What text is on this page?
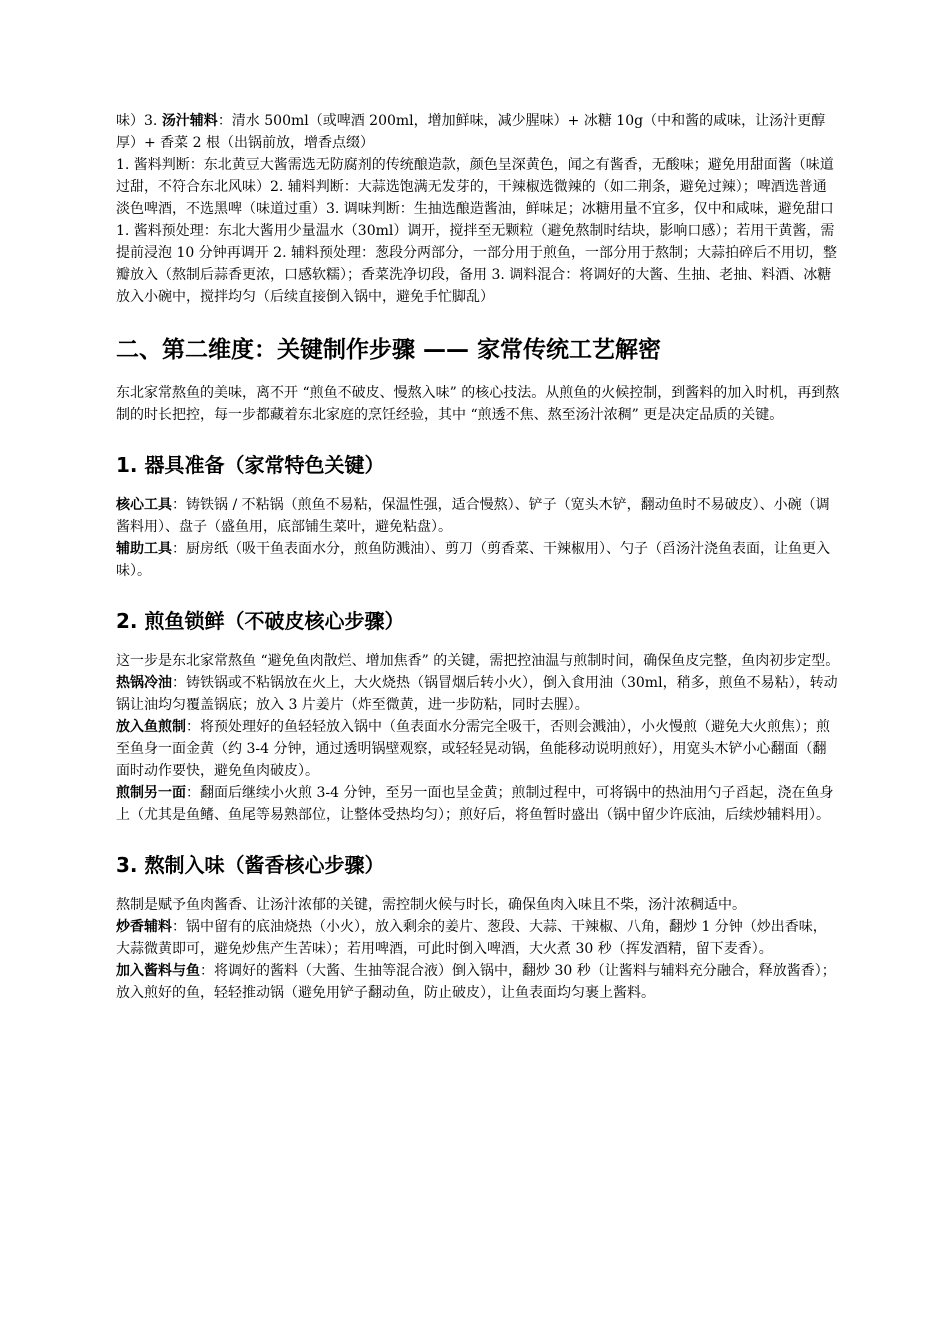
味）3. 汤汁辅料：清水 500ml（或啤酒 200ml，增加鲜味，减少腥味）+ 冰糖 10g（中和酱的咸味，让汤汁更醇厚）+ 香菜 2 根（出锅前放，增香点缀）

1. 酱料判断：东北黄豆大酱需选无防腐剂的传统酿造款，颜色呈深黄色，闻之有酱香，无酸味；避免用甜面酱（味道过甜，不符合东北风味）2. 辅料判断：大蒜选饱满无发芽的，干辣椒选微辣的（如二荆条，避免过辣）；啤酒选普通淡色啤酒，不选黑啤（味道过重）3. 调味判断：生抽选酿造酱油，鲜味足；冰糖用量不宜多，仅中和咸味，避免甜口

1. 酱料预处理：东北大酱用少量温水（30ml）调开，搅拌至无颗粒（避免熬制时结块，影响口感）；若用干黄酱，需提前浸泡 10 分钟再调开 2. 辅料预处理：葱段分两部分，一部分用于煎鱼，一部分用于熬制；大蒜拍碎后不用切，整瓣放入（熬制后蒜香更浓，口感软糯）；香菜洗净切段，备用 3. 调料混合：将调好的大酱、生抽、老抽、料酒、冰糖放入小碗中，搅拌均匀（后续直接倒入锅中，避免手忙脚乱）

二、第二维度：关键制作步骤 —— 家常传统工艺解密

东北家常熬鱼的美味，离不开 “煎鱼不破皮、慢熬入味” 的核心技法。从煎鱼的火候控制，到酱料的加入时机，再到熬制的时长把控，每一步都藏着东北家庭的烹饪经验，其中 “煎透不焦、熬至汤汁浓稠” 更是决定品质的关键。

1. 器具准备（家常特色关键）

核心工具：铸铁锅 / 不粘锅（煎鱼不易粘，保温性强，适合慢熬）、铲子（宽头木铲，翻动鱼时不易破皮）、小碗（调酱料用）、盘子（盛鱼用，底部铺生菜叶，避免粘盘）。

辅助工具：厨房纸（吸干鱼表面水分，煎鱼防溅油）、剪刀（剪香菜、干辣椒用）、勺子（舀汤汁浇鱼表面，让鱼更入味）。

2. 煎鱼锁鲜（不破皮核心步骤）

这一步是东北家常熬鱼 “避免鱼肉散烂、增加焦香” 的关键，需把控油温与煎制时间，确保鱼皮完整，鱼肉初步定型。

热锅冷油：铸铁锅或不粘锅放在火上，大火烧热（锅冒烟后转小火），倒入食用油（30ml，稍多，煎鱼不易粘），转动锅让油均匀覆盖锅底；放入 3 片姜片（炸至微黄，进一步防粘，同时去腥）。

放入鱼煎制：将预处理好的鱼轻轻放入锅中（鱼表面水分需完全吸干，否则会溅油），小火慢煎（避免大火煎焦）；煎至鱼身一面金黄（约 3-4 分钟，通过透明锅壁观察，或轻轻晃动锅，鱼能移动说明煎好），用宽头木铲小心翻面（翻面时动作要快，避免鱼肉破皮）。

煎制另一面：翻面后继续小火煎 3-4 分钟，至另一面也呈金黄；煎制过程中，可将锅中的热油用勺子舀起，浇在鱼身上（尤其是鱼鳍、鱼尾等易熟部位，让整体受热均匀）；煎好后，将鱼暂时盛出（锅中留少许底油，后续炒辅料用）。

3. 熬制入味（酱香核心步骤）

熬制是赋予鱼肉酱香、让汤汁浓郁的关键，需控制火候与时长，确保鱼肉入味且不柴，汤汁浓稠适中。

炒香辅料：锅中留有的底油烧热（小火），放入剩余的姜片、葱段、大蒜、干辣椒、八角，翻炒 1 分钟（炒出香味，大蒜微黄即可，避免炒焦产生苦味）；若用啤酒，可此时倒入啤酒，大火煮 30 秒（挥发酒精，留下麦香）。

加入酱料与鱼：将调好的酱料（大酱、生抽等混合液）倒入锅中，翻炒 30 秒（让酱料与辅料充分融合，释放酱香）；放入煎好的鱼，轻轻推动锅（避免用铲子翻动鱼，防止破皮），让鱼表面均匀裹上酱料。
